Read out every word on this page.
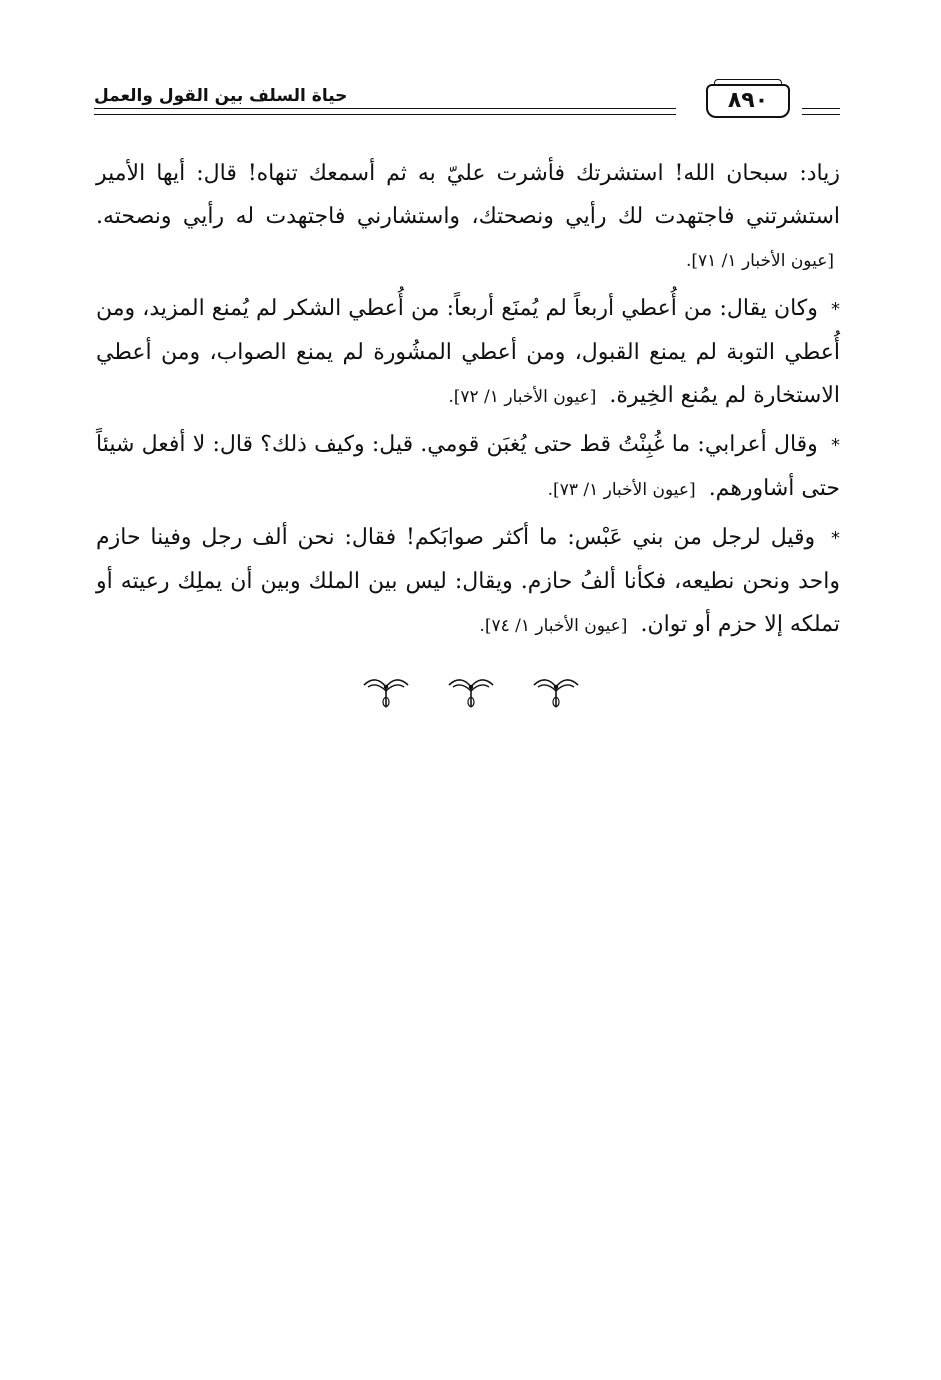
حياة السلف بين القول والعمل	٨٩٠

زياد: سبحان الله! استشرتك فأشرت عليّ به ثم أسمعك تنهاه! قال: أيها الأمير استشرتني فاجتهدت لك رأيي ونصحتك، واستشارني فاجتهدت له رأيي ونصحته. [عيون الأخبار ١/ ٧١].

* وكان يقال: من أُعطي أربعاً لم يُمنَع أربعاً: من أُعطي الشكر لم يُمنع المزيد، ومن أُعطي التوبة لم يمنع القبول، ومن أعطي المشُورة لم يمنع الصواب، ومن أعطي الاستخارة لم يمُنع الخِيرة. [عيون الأخبار ١/ ٧٢].

* وقال أعرابي: ما غُبِنْتُ قط حتى يُغبَن قومي. قيل: وكيف ذلك؟ قال: لا أفعل شيئاً حتى أشاورهم. [عيون الأخبار ١/ ٧٣].

* وقيل لرجل من بني عَبْس: ما أكثر صوابَكم! فقال: نحن ألف رجل وفينا حازم واحد ونحن نطيعه، فكأنا ألفُ حازم. ويقال: ليس بين الملك وبين أن يملِك رعيته أو تملكه إلا حزم أو توان. [عيون الأخبار ١/ ٧٤].
